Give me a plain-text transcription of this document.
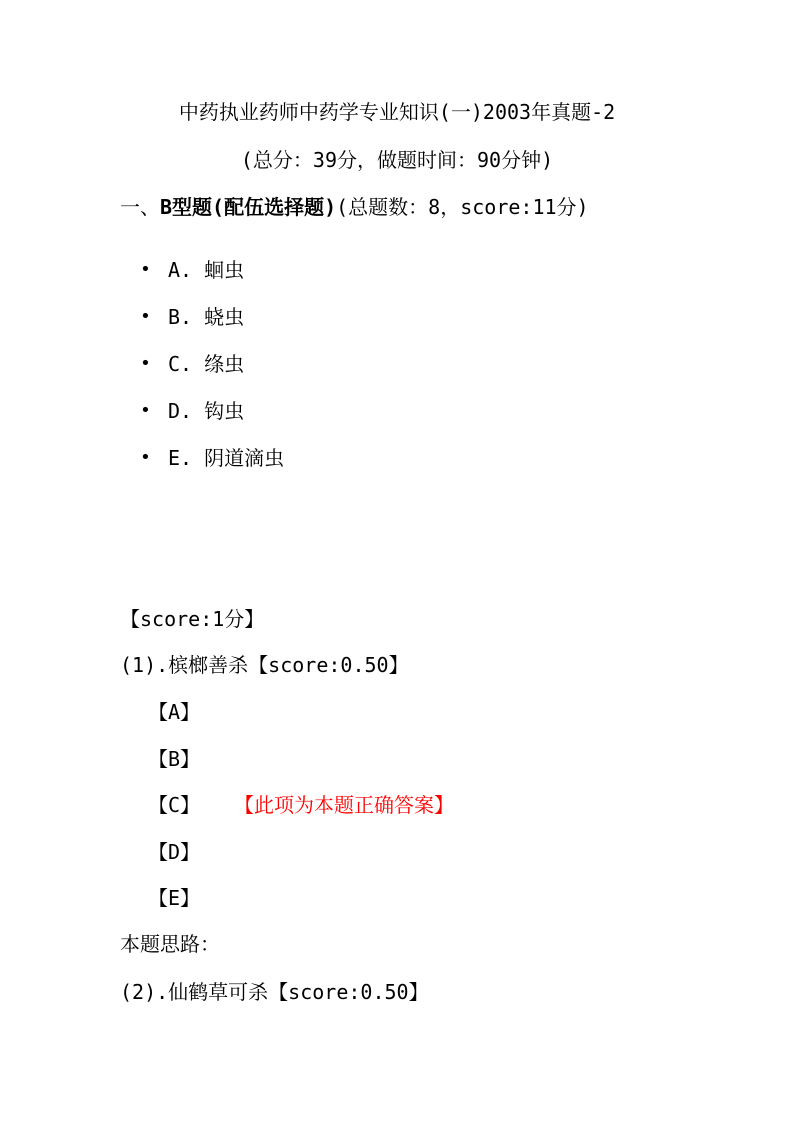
中药执业药师中药学专业知识(一)2003年真题-2
(总分：39分，做题时间：90分钟)
一、B型题(配伍选择题)(总题数：8，score:11分)
• A.
蛔虫
• B.
蛲虫
• C.
绦虫
• D.
钩虫
• E.
阴道滴虫
【score:1分】
(1).槟榔善杀【score:0.50】
【A】
【B】
【C】 【此项为本题正确答案】
【D】
【E】
本题思路：
(2).仙鹤草可杀【score:0.50】
